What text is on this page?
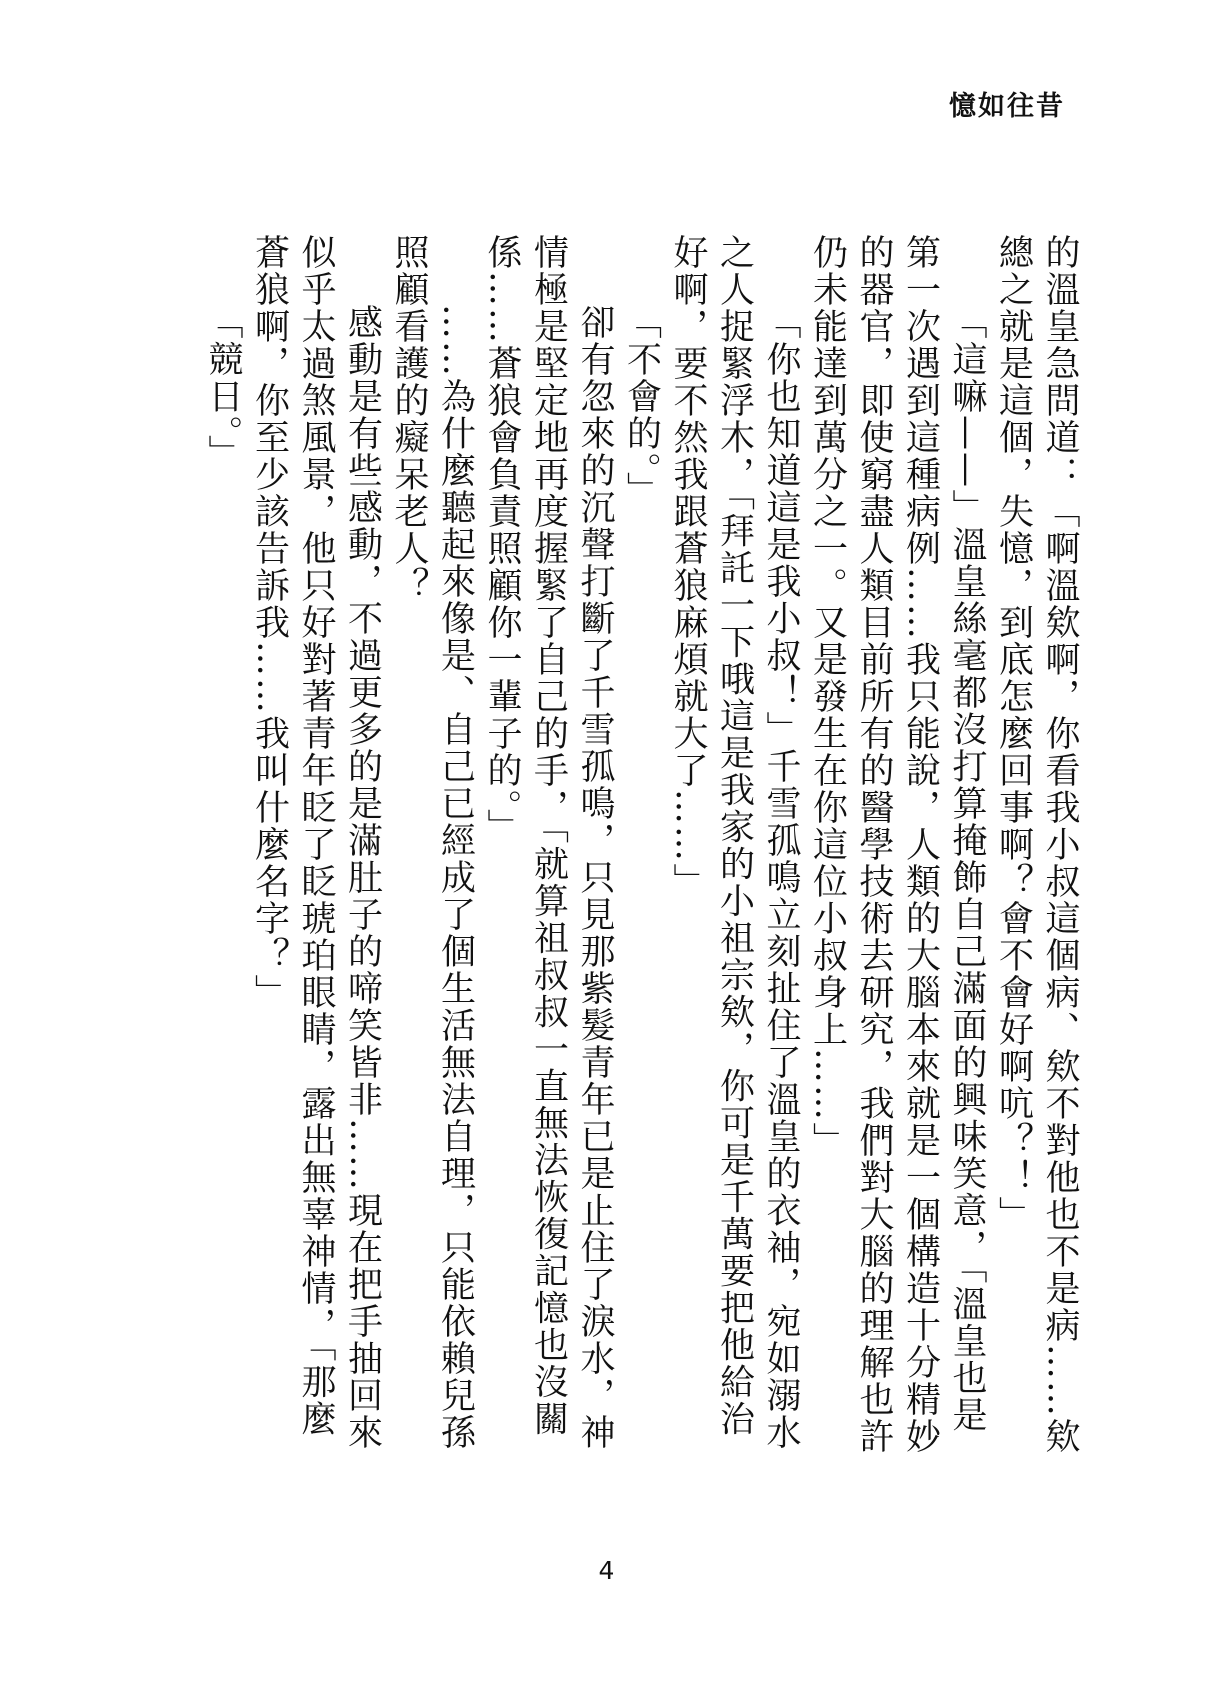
憶如往昔

的溫皇急問道：「啊溫欸啊，你看我小叔這個病、欸不對他也不是病……欸總之就是這個，失憶，到底怎麼回事啊？會不會好啊吭？！」

「這嘛——」溫皇絲毫都沒打算掩飾自己滿面的興味笑意，「溫皇也是第一次遇到這種病例……我只能說，人類的大腦本來就是一個構造十分精妙的器官，即使窮盡人類目前所有的醫學技術去研究，我們對大腦的理解也許仍未能達到萬分之一。又是發生在你這位小叔身上……」

「你也知道這是我小叔！」千雪孤鳴立刻扯住了溫皇的衣袖，宛如溺水之人捉緊浮木，「拜託一下哦這是我家的小祖宗欸，你可是千萬要把他給治好啊，要不然我跟蒼狼麻煩就大了……」

「不會的。」

卻有忽來的沉聲打斷了千雪孤鳴，只見那紫髮青年已是止住了淚水，神情極是堅定地再度握緊了自己的手，「就算祖叔叔一直無法恢復記憶也沒關係……蒼狼會負責照顧你一輩子的。」

……為什麼聽起來像是、自己已經成了個生活無法自理，只能依賴兒孫照顧看護的癡呆老人？

感動是有些感動，不過更多的是滿肚子的啼笑皆非……現在把手抽回來似乎太過煞風景，他只好對著青年眨了眨琥珀眼睛，露出無辜神情，「那麼蒼狼啊，你至少該告訴我……我叫什麼名字？」

「競日。」

4
